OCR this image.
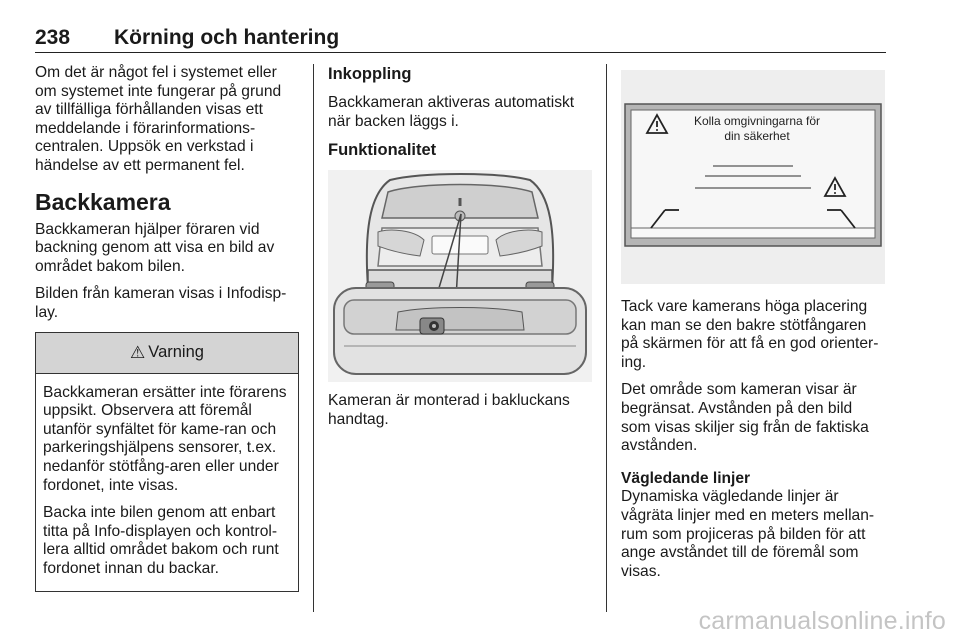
238 Körning och hantering

Om det är något fel i systemet eller om systemet inte fungerar på grund av tillfälliga förhållanden visas ett meddelande i förarinformations-centralen. Uppsök en verkstad i händelse av ett permanent fel.

Backkamera

Backkameran hjälper föraren vid backning genom att visa en bild av området bakom bilen.

Bilden från kameran visas i Infodisp-lay.

⚠ Varning

Backkameran ersätter inte förarens uppsikt. Observera att föremål utanför synfältet för kame-ran och parkeringshjälpens sensorer, t.ex. nedanför stötfång-aren eller under fordonet, inte visas.

Backa inte bilen genom att enbart titta på Info-displayen och kontrol-lera alltid området bakom och runt fordonet innan du backar.

Inkoppling

Backkameran aktiveras automatiskt när backen läggs i.

Funktionalitet

Kameran är monterad i bakluckans handtag.

Kolla omgivningarna för
din säkerhet

Tack vare kamerans höga placering kan man se den bakre stötfångaren på skärmen för att få en god orienter-ing.

Det område som kameran visar är begränsat. Avstånden på den bild som visas skiljer sig från de faktiska avstånden.

Vägledande linjer

Dynamiska vägledande linjer är vågräta linjer med en meters mellan-rum som projiceras på bilden för att ange avståndet till de föremål som visas.

carmanualsonline.info
